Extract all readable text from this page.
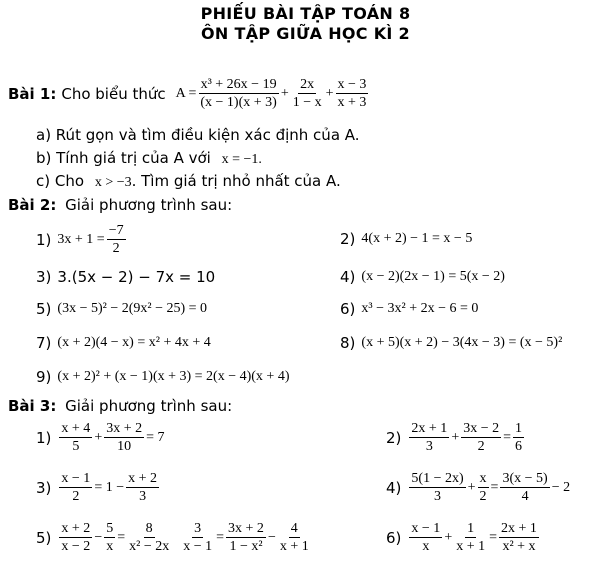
PHIẾU BÀI TẬP TOÁN 8
ÔN TẬP GIỮA HỌC KÌ 2
Bài 1: Cho biểu thức $A = \frac{\text{x³ + 26x − 19}}{(x - 1)(x + 3)} + \frac{2x}{1 - x} + \frac{x - 3}{x + 3}$
a) Rút gọn và tìm điều kiện xác định của A.
b) Tính giá trị của A với x = −1.
c) Cho x > −3. Tìm giá trị nhỏ nhất của A.
Bài 2: Giải phương trình sau:
1) $3x + 1 = \frac{-7}{2}$	2) 4(x + 2) − 1 = x − 5
3) 3.(5x − 2) − 7x = 10	4) (x − 2)(2x − 1) = 5(x − 2)
5) (3x − 5)² − 2(9x² − 25) = 0	6) x³ − 3x² + 2x − 6 = 0
7) (x + 2)(4 − x) = x² + 4x + 4	8) (x + 5)(x + 2) − 3(4x − 3) = (x − 5)²
9) (x + 2)² + (x − 1)(x + 3) = 2(x − 4)(x + 4)
Bài 3: Giải phương trình sau:
$1) \frac{x + 4}{5} + \frac{3x + 2}{10} = 7$	$2) \frac{2x + 1}{3} + \frac{3x - 2}{2} = \frac{1}{6}$
$3) \frac{x - 1}{2} = 1 - \frac{x + 2}{3}$	$4) \frac{5(1 - 2x)}{3} + \frac{x}{2} = \frac{3(x - 5)}{4} - 2$
$5) \frac{x + 2}{x - 2} - \frac{5}{x} = \frac{8}{\text{x² − 2x}} \frac{3}{x - 1} = \frac{3x + 2}{\text{1 − x²}} - \frac{4}{x + 1}$	$6) \frac{x - 1}{x} + \frac{1}{x + 1} = \frac{2x + 1}{\text{x² + x}}$
